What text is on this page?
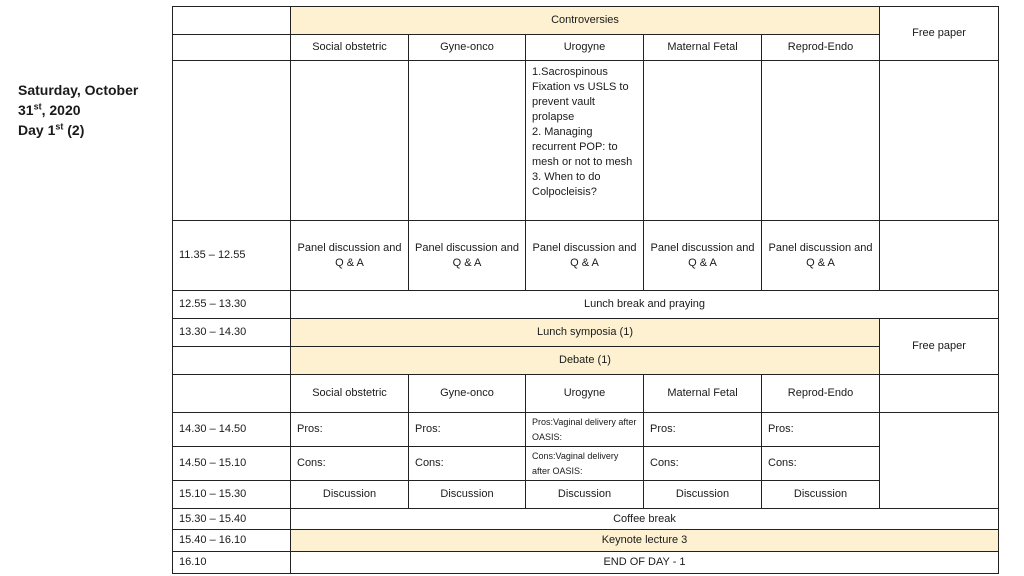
Saturday, October
31st, 2020
Day 1st (2)
	Controversies					Free paper
	Social obstetric	Gyne-onco	Urogyne	Maternal Fetal	Reprod-Endo	
			1.Sacrospinous Fixation vs USLS to prevent vault prolapse
2. Managing recurrent POP: to mesh or not to mesh
3. When to do Colpocleisis?			
11.35 – 12.55	Panel discussion and Q & A	Panel discussion and Q & A	Panel discussion and Q & A	Panel discussion and Q & A	Panel discussion and Q & A	
12.55 – 13.30	Lunch break and praying					
13.30 – 14.30	Lunch symposia (1)					Free paper
	Debate (1)					
	Social obstetric	Gyne-onco	Urogyne	Maternal Fetal	Reprod-Endo	
14.30 – 14.50	Pros:	Pros:	Pros:Vaginal delivery after OASIS:	Pros:	Pros:	
14.50 – 15.10	Cons:	Cons:	Cons:Vaginal delivery after OASIS:	Cons:	Cons:	
15.10 – 15.30	Discussion	Discussion	Discussion	Discussion	Discussion	
15.30 – 15.40	Coffee break					
15.40 – 16.10	Keynote lecture 3					
16.10	END OF DAY - 1					
